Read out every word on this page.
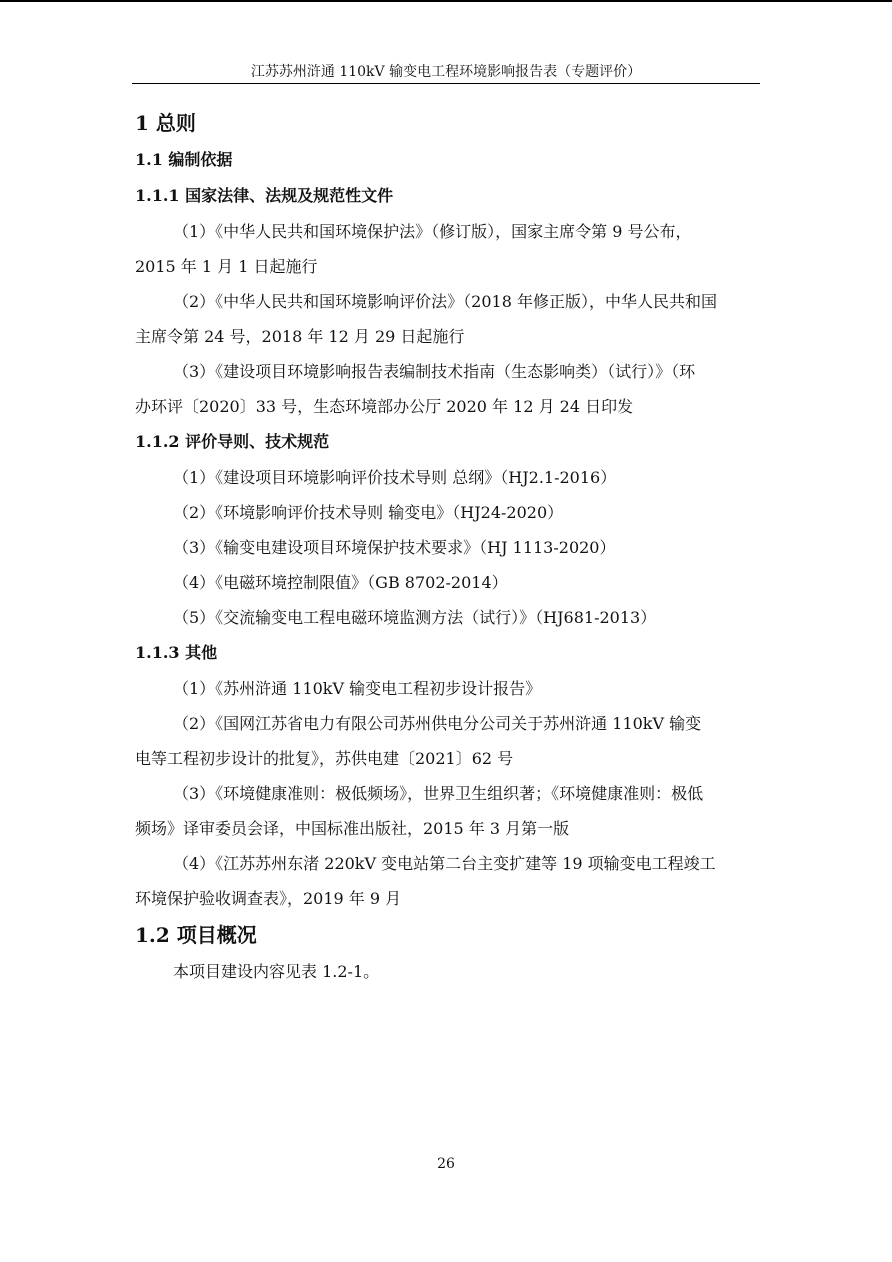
江苏苏州浒通 110kV 输变电工程环境影响报告表（专题评价）
1 总则
1.1 编制依据
1.1.1 国家法律、法规及规范性文件
（1）《中华人民共和国环境保护法》（修订版），国家主席令第 9 号公布，
2015 年 1 月 1 日起施行
（2）《中华人民共和国环境影响评价法》（2018 年修正版），中华人民共和国
主席令第 24 号，2018 年 12 月 29 日起施行
（3）《建设项目环境影响报告表编制技术指南（生态影响类）（试行）》（环
办环评〔2020〕33 号，生态环境部办公厅 2020 年 12 月 24 日印发
1.1.2 评价导则、技术规范
（1）《建设项目环境影响评价技术导则 总纲》（HJ2.1-2016）
（2）《环境影响评价技术导则 输变电》（HJ24-2020）
（3）《输变电建设项目环境保护技术要求》（HJ 1113-2020）
（4）《电磁环境控制限值》（GB 8702-2014）
（5）《交流输变电工程电磁环境监测方法（试行）》（HJ681-2013）
1.1.3 其他
（1）《苏州浒通 110kV 输变电工程初步设计报告》
（2）《国网江苏省电力有限公司苏州供电分公司关于苏州浒通 110kV 输变
电等工程初步设计的批复》，苏供电建〔2021〕62 号
（3）《环境健康准则：极低频场》，世界卫生组织著；《环境健康准则：极低
频场》译审委员会译，中国标准出版社，2015 年 3 月第一版
（4）《江苏苏州东渚 220kV 变电站第二台主变扩建等 19 项输变电工程竣工
环境保护验收调查表》，2019 年 9 月
1.2 项目概况
本项目建设内容见表 1.2-1。
26
